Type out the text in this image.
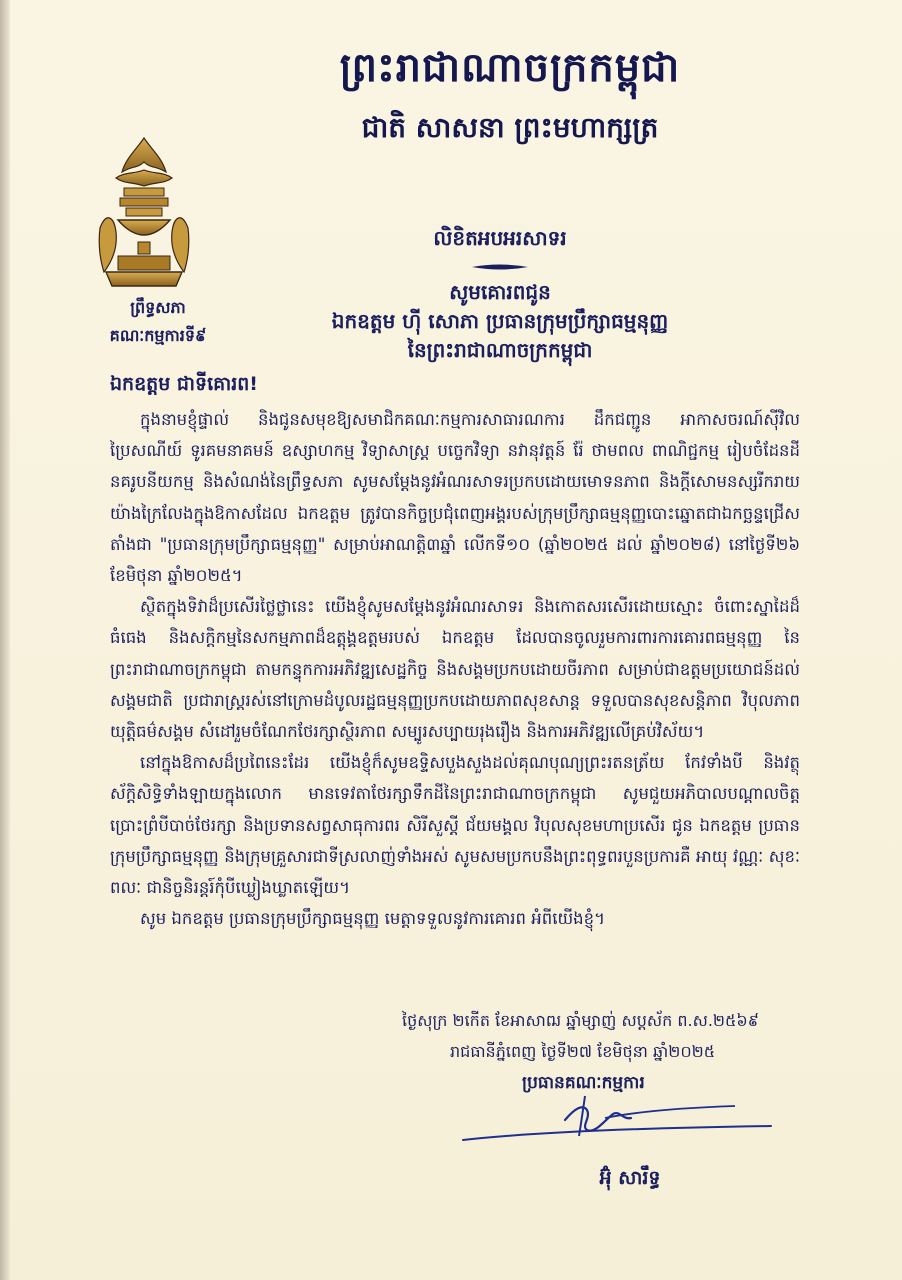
ព្រះរាជាណាចក្រកម្ពុជា
ជាតិ សាសនា ព្រះមហាក្សត្រ
ព្រឹទ្ធសភា
គណៈកម្មការទី៩
លិខិតអបអរសាទរ
សូមគោរពជូន
ឯកឧត្តម ហ៊ី សោភា ប្រធានក្រុមប្រឹក្សាធម្មនុញ្ញ
នៃព្រះរាជាណាចក្រកម្ពុជា
ឯកឧត្តម ជាទីគោរព!

ក្នុងនាមខ្ញុំផ្ទាល់ និងជូនសមុខឱ្យសមាជិកគណៈកម្មការសាធារណការ ដឹកជញ្ជូន អាកាសចរណ៍ស៊ីវិល ប្រៃសណីយ៍ ទូរគមនាគមន៍ ឧស្សាហកម្ម វិទ្យាសាស្ត្រ បច្ចេកវិទ្យា នវានុវត្តន៍ រ៉ែ ថាមពល ពាណិជ្ជកម្ម រៀបចំដែនដី នគរូបនីយកម្ម និងសំណង់នៃព្រឹទ្ធសភា សូមសម្តែងនូវអំណរសាទរប្រកបដោយមោទនភាព និងក្តីសោមនស្សរីករាយយ៉ាងក្រៃលែងក្នុងឱកាសដែល ឯកឧត្តម ត្រូវបានកិច្ចប្រជុំពេញអង្គរបស់ក្រុមប្រឹក្សាធម្មនុញ្ញបោះឆ្នោតជាឯកច្ឆន្ទជ្រើសតាំងជា "ប្រធានក្រុមប្រឹក្សាធម្មនុញ្ញ" សម្រាប់អាណត្តិ៣ឆ្នាំ លើកទី១០ (ឆ្នាំ២០២៥ ដល់ ឆ្នាំ២០២៨) នៅថ្ងៃទី២៦ ខែមិថុនា ឆ្នាំ២០២៥។

ស្ថិតក្នុងទិវាដ៏ប្រសើរថ្លៃថ្លានេះ យើងខ្ញុំសូមសម្តែងនូវអំណរសាទរ និងកោតសរសើរដោយស្មោះ ចំពោះស្នាដៃដ៏ធំធេង និងសក្តិកម្មនៃសកម្មភាពដ៏ឧត្តុង្គឧត្តមរបស់ ឯកឧត្តម ដែលបានចូលរួមការពារការគោរពធម្មនុញ្ញ នៃព្រះរាជាណាចក្រកម្ពុជា តាមកន្ទុកការអភិវឌ្ឍសេដ្ឋកិច្ច និងសង្គមប្រកបដោយចីរភាព សម្រាប់ជាឧត្តមប្រយោជន៍ដល់សង្គមជាតិ ប្រជារាស្ត្ររស់នៅក្រោមដំបូលរដ្ឋធម្មនុញ្ញប្រកបដោយភាពសុខសាន្ត ទទួលបានសុខសន្តិភាព វិបុលភាព យុត្តិធម៌សង្គម សំដៅរួមចំណែកថែរក្សាស្ថិរភាព សម្បូរសប្បាយរុងរឿង និងការអភិវឌ្ឍលើគ្រប់វិស័យ។

នៅក្នុងឱកាសដ៏ប្រពៃនេះដែរ យើងខ្ញុំក៏សូមឧទ្ទិសបួងសួងដល់គុណបុណ្យព្រះរតនត្រ័យ កែវទាំងបី និងវត្ថុស័ក្តិសិទ្ធិទាំងឡាយក្នុងលោក មានទេវតាថែរក្សាទឹកដីនៃព្រះរាជាណាចក្រកម្ពុជា សូមជួយអភិបាលបណ្តាលចិត្តប្រោះព្រំបីបាច់ថែរក្សា និងប្រទានសព្វសាធុការពរ សិរីសួស្តី ជ័យមង្គល វិបុលសុខមហាប្រសើរ ជូន ឯកឧត្តម ប្រធានក្រុមប្រឹក្សាធម្មនុញ្ញ និងក្រុមគ្រួសារជាទីស្រលាញ់ទាំងអស់ សូមសមប្រកបនឹងព្រះពុទ្ធពរបួនប្រការគឺ អាយុ វណ្ណៈ សុខៈ ពលៈ ជានិច្ចនិរន្តរ៍កុំបីឃ្លៀងឃ្លាតឡើយ។

សូម ឯកឧត្តម ប្រធានក្រុមប្រឹក្សាធម្មនុញ្ញ មេត្តាទទួលនូវការគោរព អំពីយើងខ្ញុំ។

ថ្ងៃសុក្រ ២កើត ខែអាសាឍ ឆ្នាំម្សាញ់ សប្តស័ក ព.ស.២៥៦៩
រាជធានីភ្នំពេញ ថ្ងៃទី២៧ ខែមិថុនា ឆ្នាំ២០២៥
ប្រធានគណៈកម្មការ
អ៊ុំ សារឹទ្ធ
